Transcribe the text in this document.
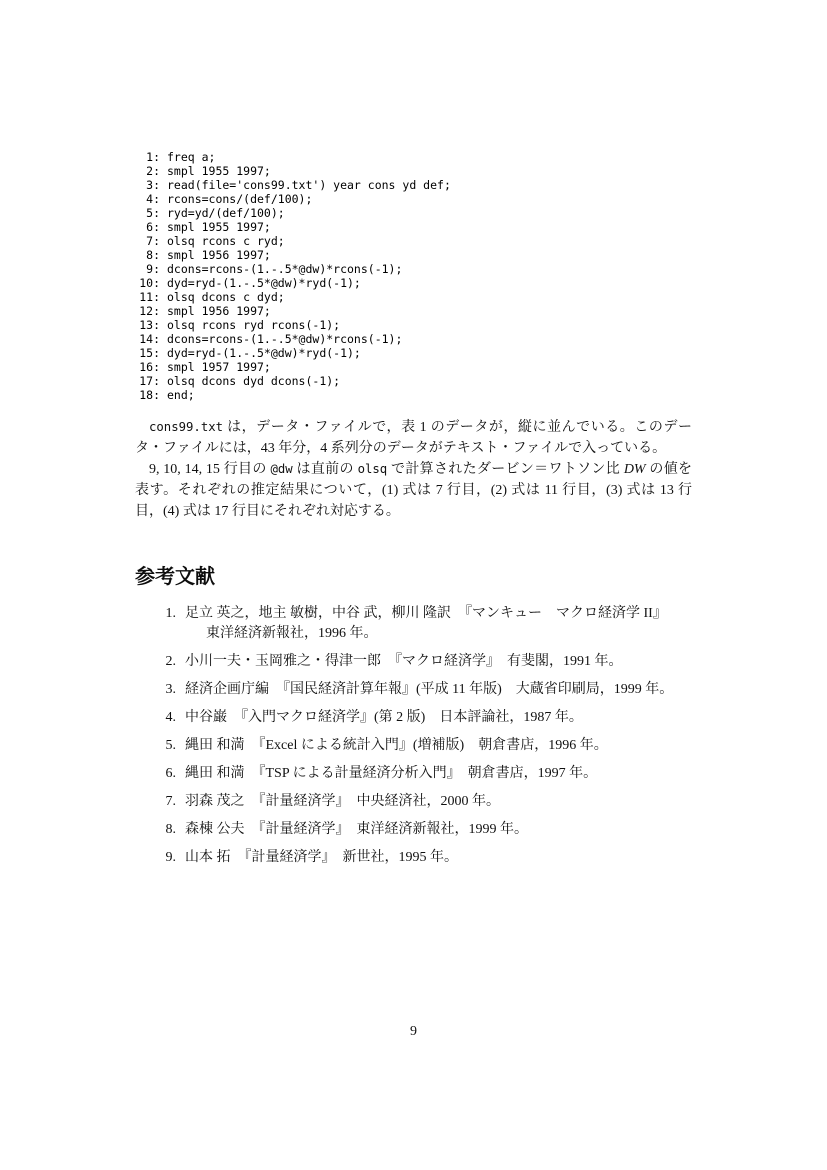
1: freq a;
2: smpl 1955 1997;
3: read(file='cons99.txt') year cons yd def;
4: rcons=cons/(def/100);
5: ryd=yd/(def/100);
6: smpl 1955 1997;
7: olsq rcons c ryd;
8: smpl 1956 1997;
9: dcons=rcons-(1.-.5*@dw)*rcons(-1);
10: dyd=ryd-(1.-.5*@dw)*ryd(-1);
11: olsq dcons c dyd;
12: smpl 1956 1997;
13: olsq rcons ryd rcons(-1);
14: dcons=rcons-(1.-.5*@dw)*rcons(-1);
15: dyd=ryd-(1.-.5*@dw)*ryd(-1);
16: smpl 1957 1997;
17: olsq dcons dyd dcons(-1);
18: end;

cons99.txt は，データ・ファイルで，表 1 のデータが，縦に並んでいる。このデータ・ファイルには，43 年分，4 系列分のデータがテキスト・ファイルで入っている。

9, 10, 14, 15 行目の @dw は直前の olsq で計算されたダービン＝ワトソン比 DW の値を表す。それぞれの推定結果について，(1) 式は 7 行目，(2) 式は 11 行目，(3) 式は 13 行目，(4) 式は 17 行目にそれぞれ対応する。

参考文献
1. 足立 英之，地主 敏樹，中谷 武，柳川 隆訳　『マンキュー　マクロ経済学 II』
東洋経済新報社，1996 年。
2. 小川一夫・玉岡雅之・得津一郎　『マクロ経済学』　有斐閣，1991 年。
3. 経済企画庁編　『国民経済計算年報』(平成 11 年版)　大蔵省印刷局，1999 年。
4. 中谷巌　『入門マクロ経済学』(第 2 版)　日本評論社，1987 年。
5. 縄田 和満　『Excel による統計入門』(増補版)　朝倉書店，1996 年。
6. 縄田 和満　『TSP による計量経済分析入門』　朝倉書店，1997 年。
7. 羽森 茂之　『計量経済学』　中央経済社，2000 年。
8. 森棟 公夫　『計量経済学』　東洋経済新報社，1999 年。
9. 山本 拓　『計量経済学』　新世社，1995 年。
9
